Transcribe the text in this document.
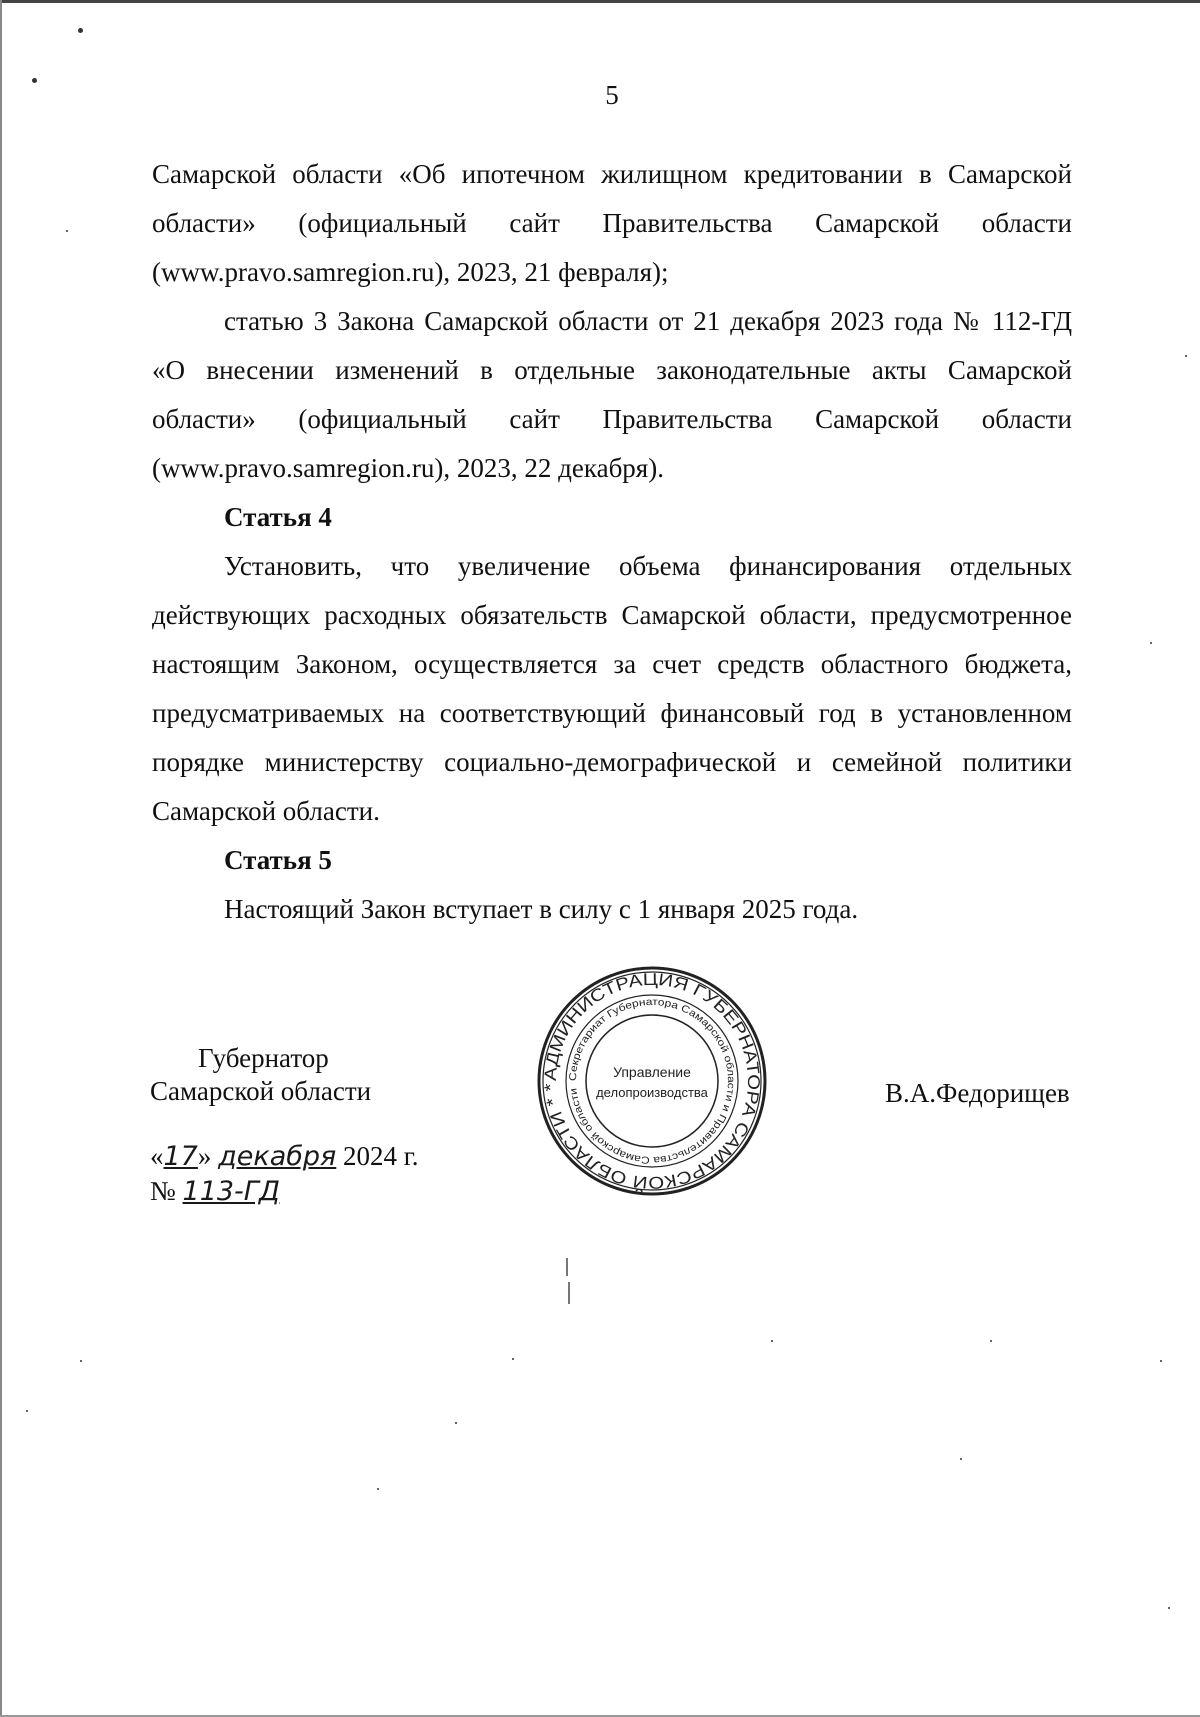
5

Самарской области «Об ипотечном жилищном кредитовании в Самарской области» (официальный сайт Правительства Самарской области (www.pravo.samregion.ru), 2023, 21 февраля);

статью 3 Закона Самарской области от 21 декабря 2023 года № 112-ГД «О внесении изменений в отдельные законодательные акты Самарской области» (официальный сайт Правительства Самарской области (www.pravo.samregion.ru), 2023, 22 декабря).

Статья 4

Установить, что увеличение объема финансирования отдельных действующих расходных обязательств Самарской области, предусмотренное настоящим Законом, осуществляется за счет средств областного бюджета, предусматриваемых на соответствующий финансовый год в установленном порядке министерству социально-демографической и семейной политики Самарской области.

Статья 5

Настоящий Закон вступает в силу с 1 января 2025 года.

Губернатор
Самарской области
«17» декабря 2024 г.
№ 113-ГД
В.А.Федорищев
АДМИНИСТРАЦИЯ ГУБЕРНАТОРА САМАРСКОЙ ОБЛАСТИ * *
Секретариат Губернатора Самарской области и Правительства Самарской области
Управление
делопроизводства
